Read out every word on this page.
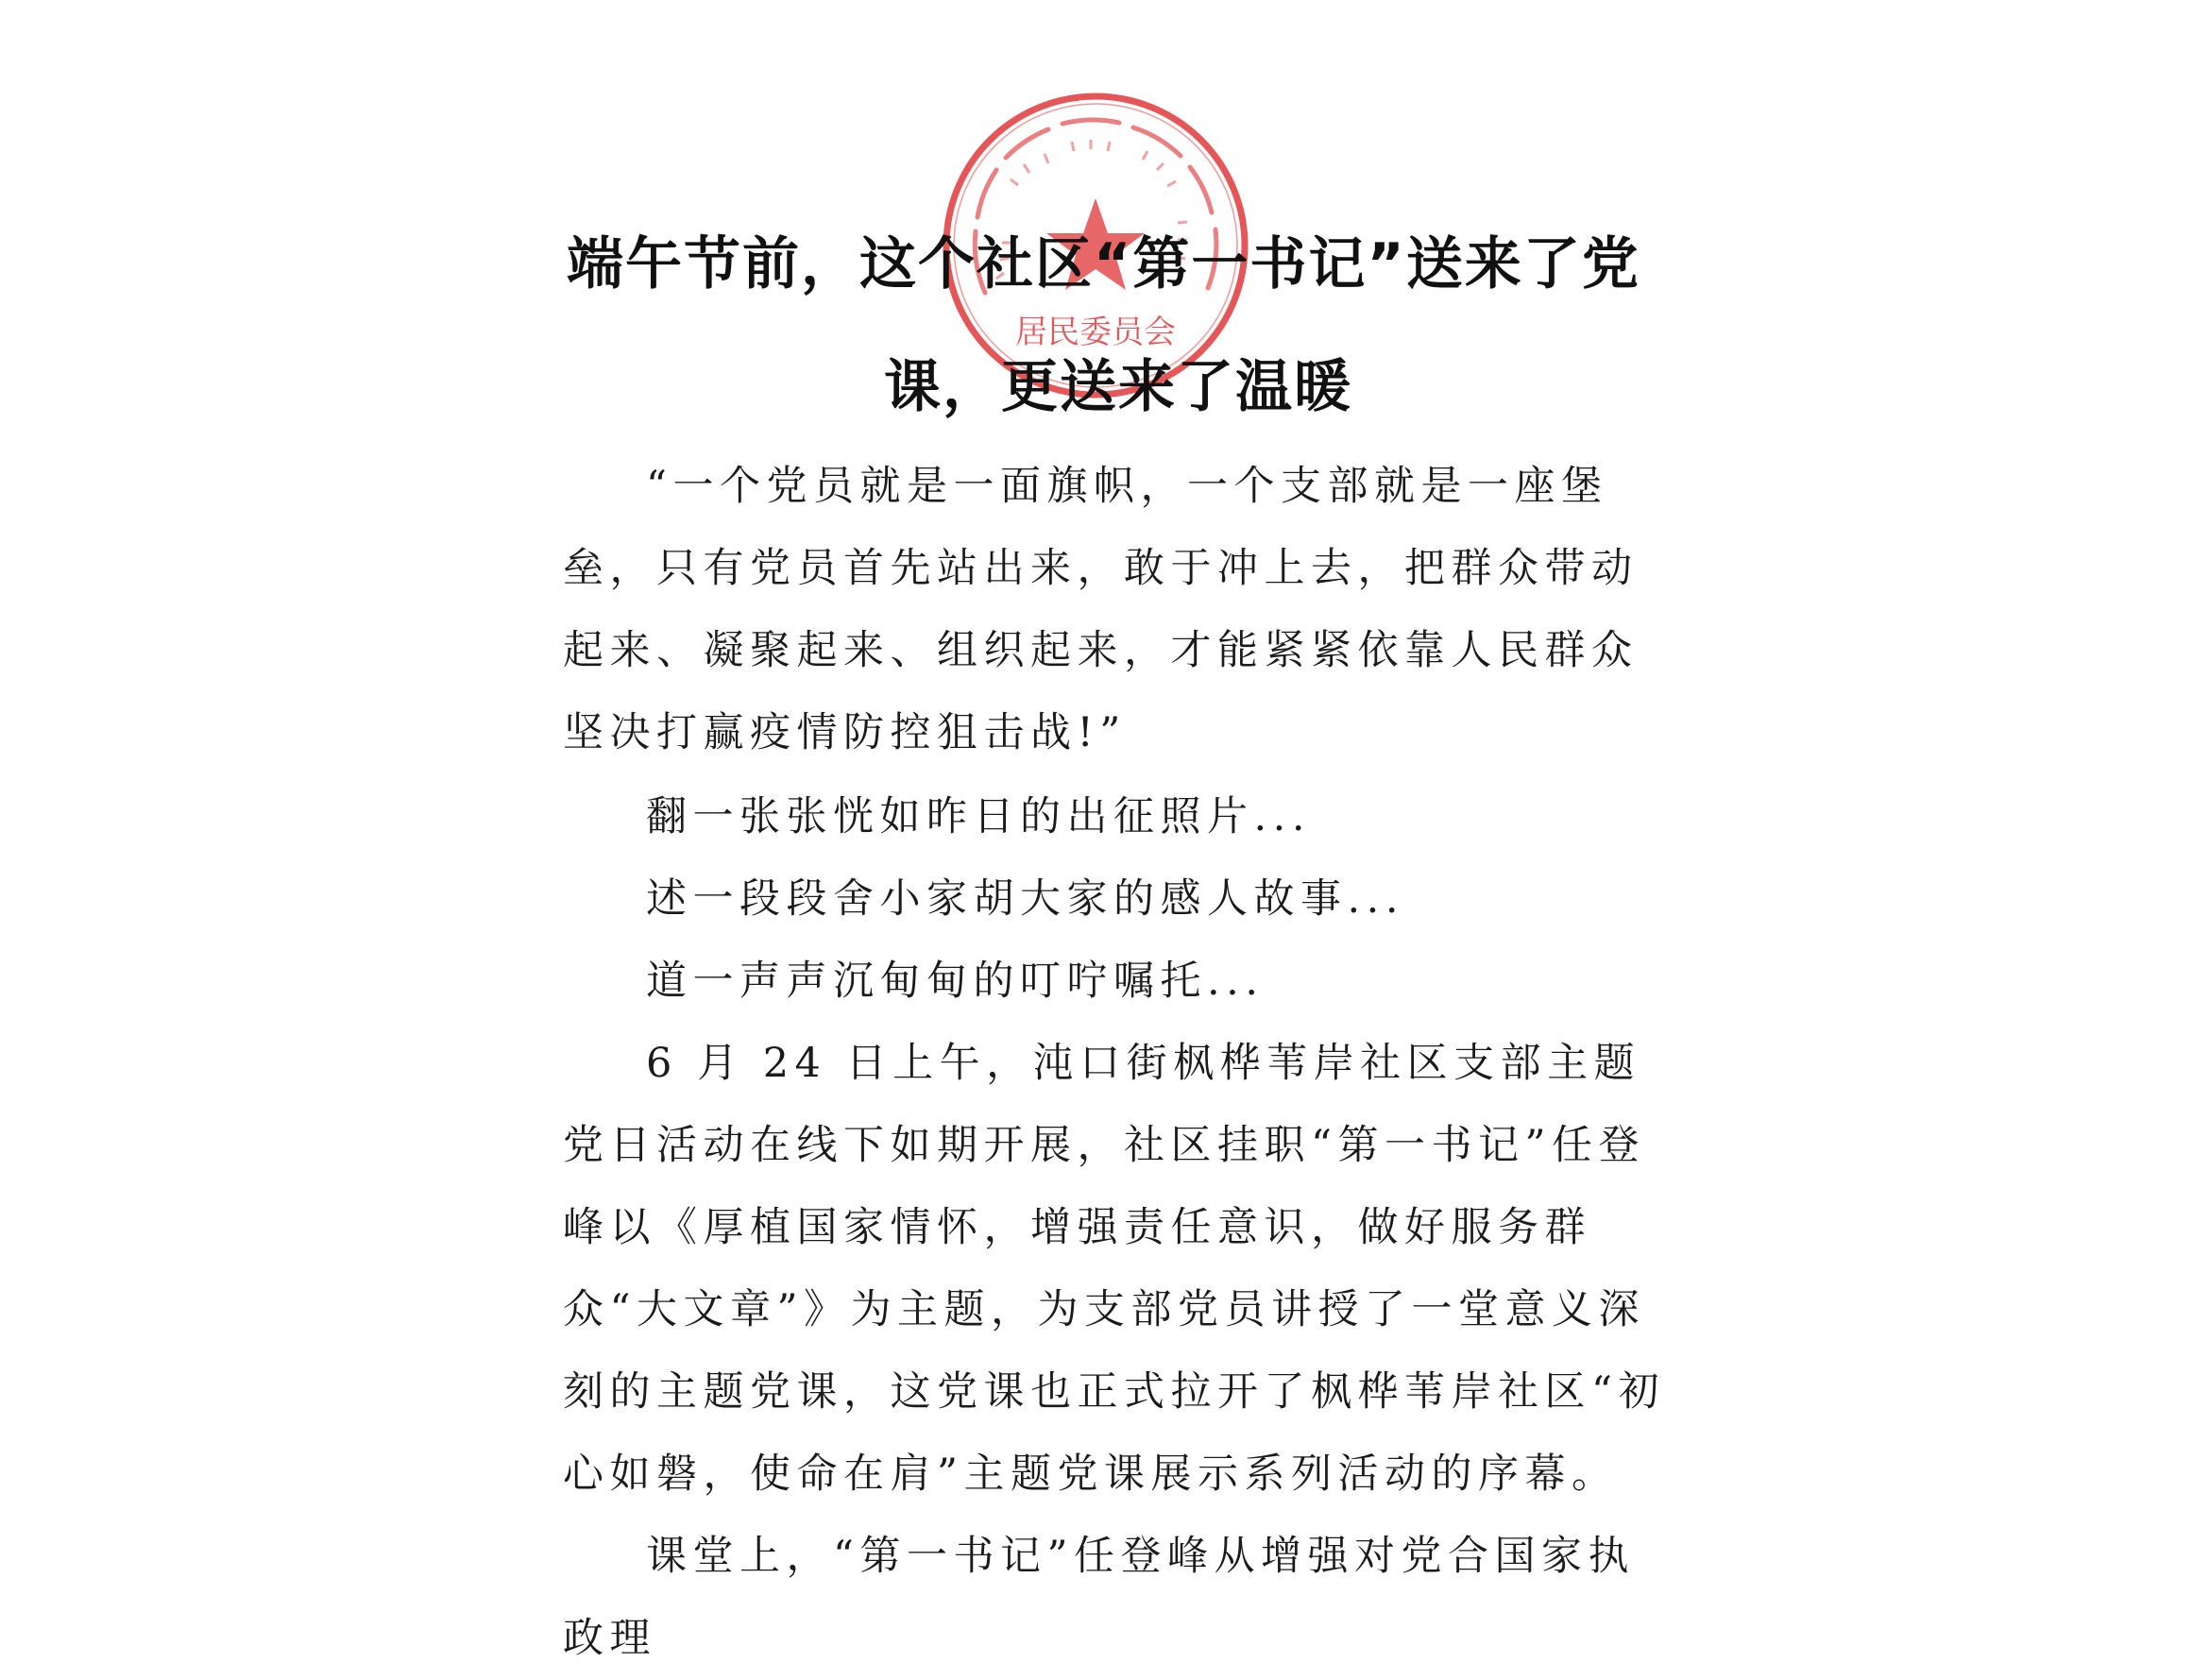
居民委员会
端午节前，这个社区“第一书记”送来了党
课，更送来了温暖

“一个党员就是一面旗帜，一个支部就是一座堡垒，只有党员首先站出来，敢于冲上去，把群众带动起来、凝聚起来、组织起来，才能紧紧依靠人民群众坚决打赢疫情防控狙击战!”

翻一张张恍如昨日的出征照片...

述一段段舍小家胡大家的感人故事...

道一声声沉甸甸的叮咛嘱托...

6 月 24 日上午，沌口街枫桦苇岸社区支部主题党日活动在线下如期开展，社区挂职“第一书记”任登峰以《厚植国家情怀，增强责任意识，做好服务群众“大文章”》为主题，为支部党员讲授了一堂意义深刻的主题党课，这党课也正式拉开了枫桦苇岸社区“初心如磐，使命在肩”主题党课展示系列活动的序幕。

课堂上，“第一书记”任登峰从增强对党合国家执政理
